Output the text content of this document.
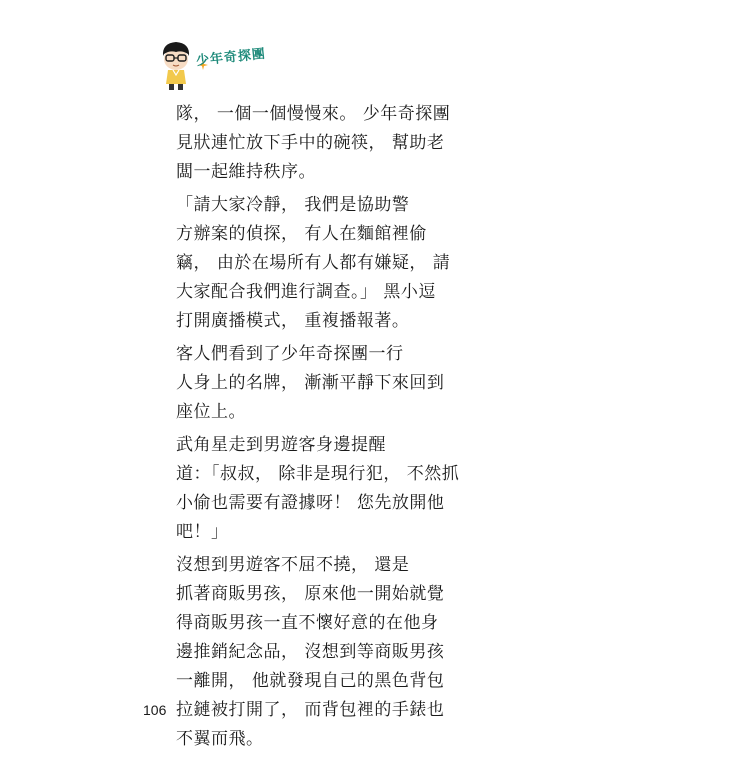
少年奇探團

隊， 一個一個慢慢來。 少年奇探團
見狀連忙放下手中的碗筷， 幫助老
闆一起維持秩序。

「請大家冷靜， 我們是協助警
方辦案的偵探， 有人在麵館裡偷
竊， 由於在場所有人都有嫌疑， 請
大家配合我們進行調查。」 黑小逗
打開廣播模式， 重複播報著。

客人們看到了少年奇探團一行
人身上的名牌， 漸漸平靜下來回到
座位上。

武角星走到男遊客身邊提醒
道：「叔叔， 除非是現行犯， 不然抓
小偷也需要有證據呀！ 您先放開他
吧！」

沒想到男遊客不屈不撓， 還是
抓著商販男孩， 原來他一開始就覺
得商販男孩一直不懷好意的在他身
邊推銷紀念品， 沒想到等商販男孩
一離開， 他就發現自己的黑色背包
拉鏈被打開了， 而背包裡的手錶也
不翼而飛。

106
